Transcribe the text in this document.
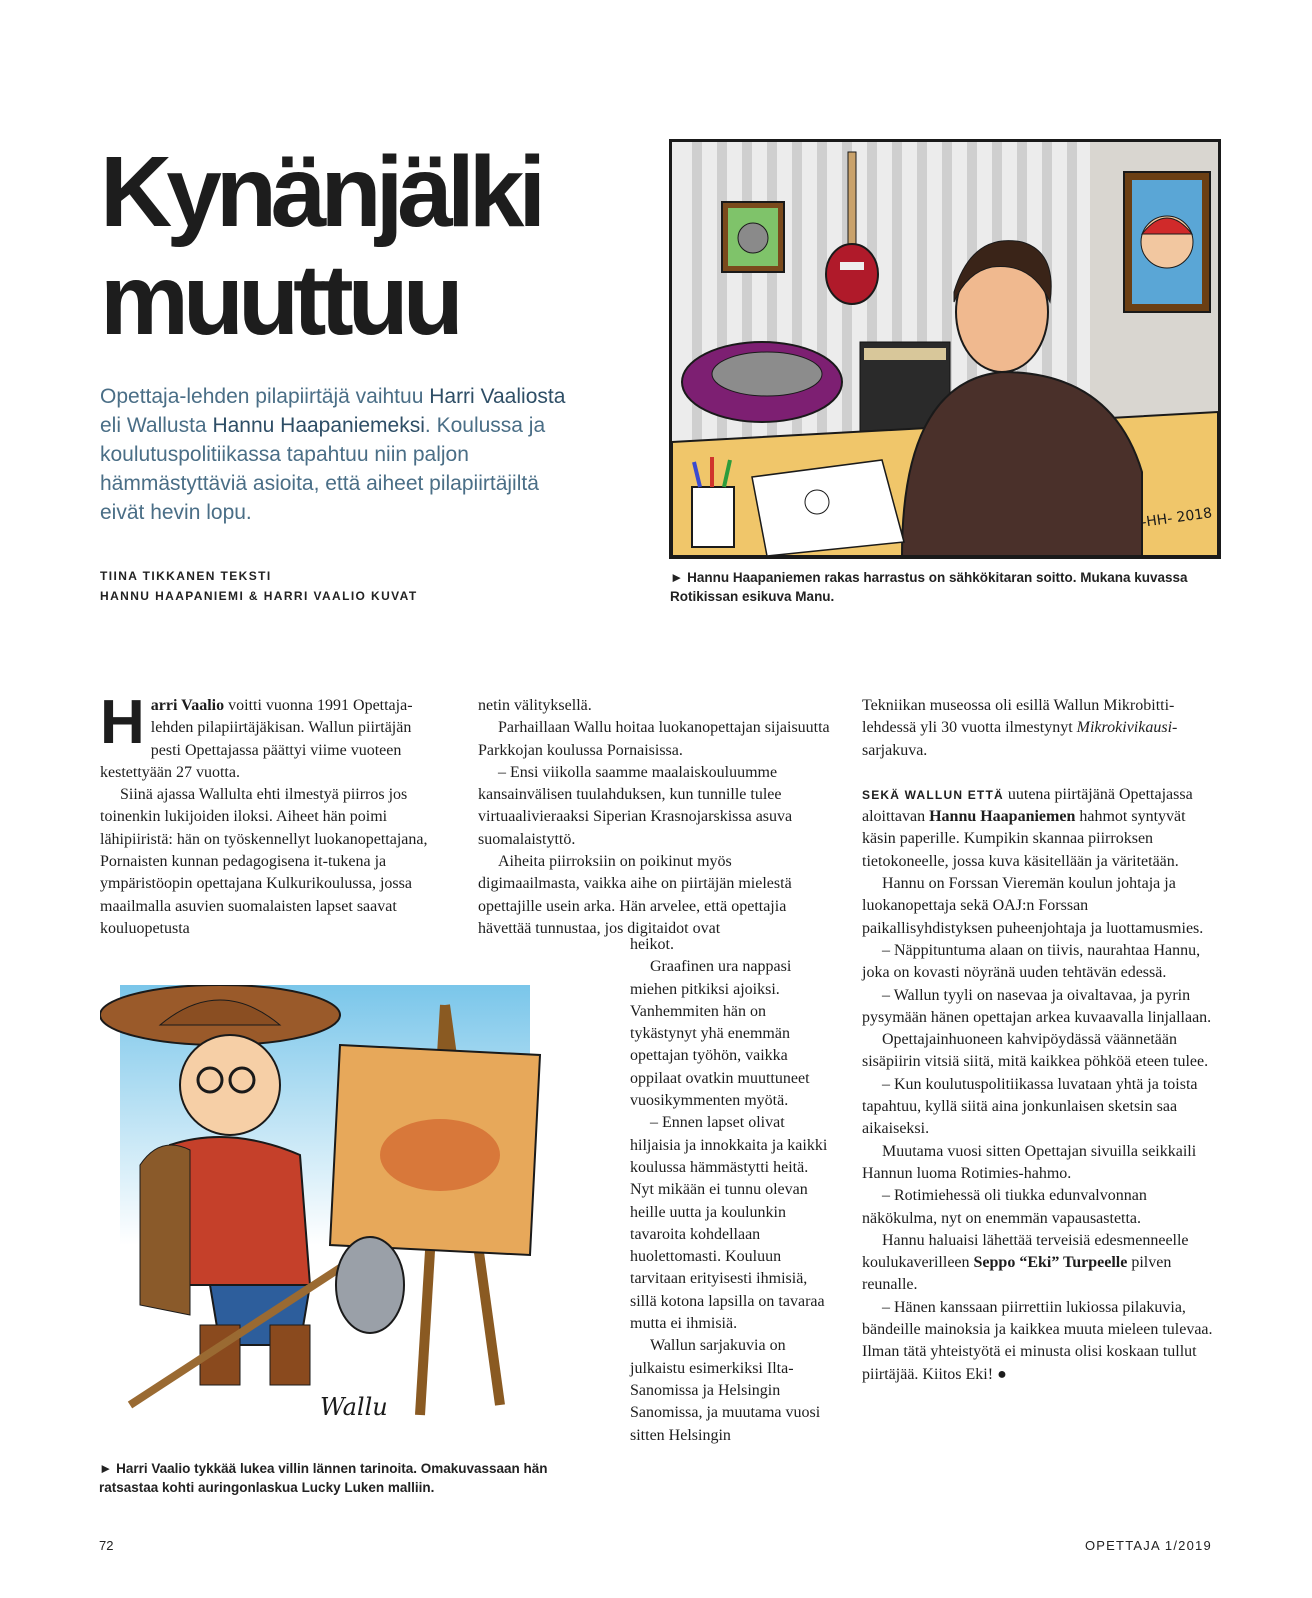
Kynänjälki
muuttuu

Opettaja-lehden pilapiirtäjä vaihtuu Harri Vaaliosta eli Wallusta Hannu Haapaniemeksi. Koulussa ja koulutuspolitiikassa tapahtuu niin paljon hämmästyttäviä asioita, että aiheet pilapiirtäjiltä eivät hevin lopu.

TIINA TIKKANEN TEKSTI
HANNU HAAPANIEMI & HARRI VAALIO KUVAT
-HH- 2018

► Hannu Haapaniemen rakas harrastus on sähkökitaran soitto. Mukana kuvassa Rotikissan esikuva Manu.

Wallu

► Harri Vaalio tykkää lukea villin lännen tarinoita. Omakuvassaan hän ratsastaa kohti auringonlaskua Lucky Luken malliin.

Harri Vaalio voitti vuonna 1991 Opettaja-lehden pilapiirtäjäkisan. Wallun piirtäjän pesti Opettajassa päättyi viime vuoteen kestettyään 27 vuotta.

Siinä ajassa Wallulta ehti ilmestyä piirros jos toinenkin lukijoiden iloksi. Aiheet hän poimi lähipiiristä: hän on työskennellyt luokanopettajana, Pornaisten kunnan pedagogisena it-tukena ja ympäristöopin opettajana Kulkurikoulussa, jossa maailmalla asuvien suomalaisten lapset saavat kouluopetusta

netin välityksellä.

Parhaillaan Wallu hoitaa luokanopettajan sijaisuutta Parkkojan koulussa Pornaisissa.

– Ensi viikolla saamme maalaiskouluumme kansainvälisen tuulahduksen, kun tunnille tulee virtuaalivieraaksi Siperian Krasnojarskissa asuva suomalaistyttö.

Aiheita piirroksiin on poikinut myös digimaailmasta, vaikka aihe on piirtäjän mielestä opettajille usein arka. Hän arvelee, että opettajia hävettää tunnustaa, jos digitaidot ovat

heikot.

Graafinen ura nappasi miehen pitkiksi ajoiksi. Vanhemmiten hän on tykästynyt yhä enemmän opettajan työhön, vaikka oppilaat ovatkin muuttuneet vuosikymmenten myötä.

– Ennen lapset olivat hiljaisia ja innokkaita ja kaikki koulussa hämmästytti heitä. Nyt mikään ei tunnu olevan heille uutta ja koulunkin tavaroita kohdellaan huolettomasti. Kouluun tarvitaan erityisesti ihmisiä, sillä kotona lapsilla on tavaraa mutta ei ihmisiä.

Wallun sarjakuvia on julkaistu esimerkiksi Ilta-Sanomissa ja Helsingin Sanomissa, ja muutama vuosi sitten Helsingin

Tekniikan museossa oli esillä Wallun Mikrobitti-lehdessä yli 30 vuotta ilmestynyt Mikrokivikausi-sarjakuva.

SEKÄ WALLUN ETTÄ uutena piirtäjänä Opettajassa aloittavan Hannu Haapaniemen hahmot syntyvät käsin paperille. Kumpikin skannaa piirroksen tietokoneelle, jossa kuva käsitellään ja väritetään.

Hannu on Forssan Vieremän koulun johtaja ja luokanopettaja sekä OAJ:n Forssan paikallisyhdistyksen puheenjohtaja ja luottamusmies.

– Näppituntuma alaan on tiivis, naurahtaa Hannu, joka on kovasti nöyränä uuden tehtävän edessä.

– Wallun tyyli on nasevaa ja oivaltavaa, ja pyrin pysymään hänen opettajan arkea kuvaavalla linjallaan.

Opettajainhuoneen kahvipöydässä väännetään sisäpiirin vitsiä siitä, mitä kaikkea pöhköä eteen tulee.

– Kun koulutuspolitiikassa luvataan yhtä ja toista tapahtuu, kyllä siitä aina jonkunlaisen sketsin saa aikaiseksi.

Muutama vuosi sitten Opettajan sivuilla seikkaili Hannun luoma Rotimies-hahmo.

– Rotimiehessä oli tiukka edunvalvonnan näkökulma, nyt on enemmän vapausastetta.

Hannu haluaisi lähettää terveisiä edesmenneelle koulukaverilleen Seppo “Eki” Turpeelle pilven reunalle.

– Hänen kanssaan piirrettiin lukiossa pilakuvia, bändeille mainoksia ja kaikkea muuta mieleen tulevaa. Ilman tätä yhteistyötä ei minusta olisi koskaan tullut piirtäjää. Kiitos Eki! ●

72	OPETTAJA 1/2019
